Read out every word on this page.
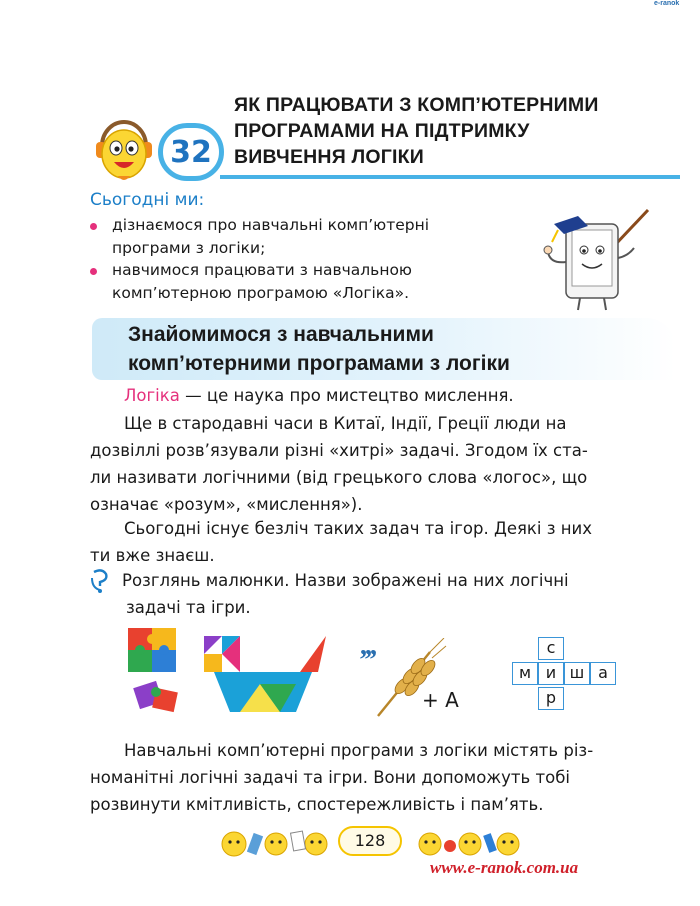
e-ranok
32
ЯК ПРАЦЮВАТИ З КОМП’ЮТЕРНИМИ
ПРОГРАМАМИ НА ПІДТРИМКУ
ВИВЧЕННЯ ЛОГІКИ
Сьогодні ми:
дізнаємося про навчальні комп’ютерні
програми з логіки;
навчимося працювати з навчальною
комп’ютерною програмою «Логіка».
Знайомимося з навчальними
комп’ютерними програмами з логіки
Логіка — це наука про мистецтво мислення.
Ще в стародавні часи в Китаї, Індії, Греції люди на
дозвіллі розв’язували різні «хитрі» задачі. Згодом їх ста-
ли називати логічними (від грецького слова «логос», що
означає «розум», «мислення»).
Сьогодні існує безліч таких задач та ігор. Деякі з них
ти вже знаєш.
Розглянь малюнки. Назви зображені на них логічні
задачі та ігри.
,,,
+ А
с
м и ш а
р
Навчальні комп’ютерні програми з логіки містять різ-
номанітні логічні задачі та ігри. Вони допоможуть тобі
розвинути кмітливість, спостережливість і пам’ять.
128
www.e-ranok.com.ua
